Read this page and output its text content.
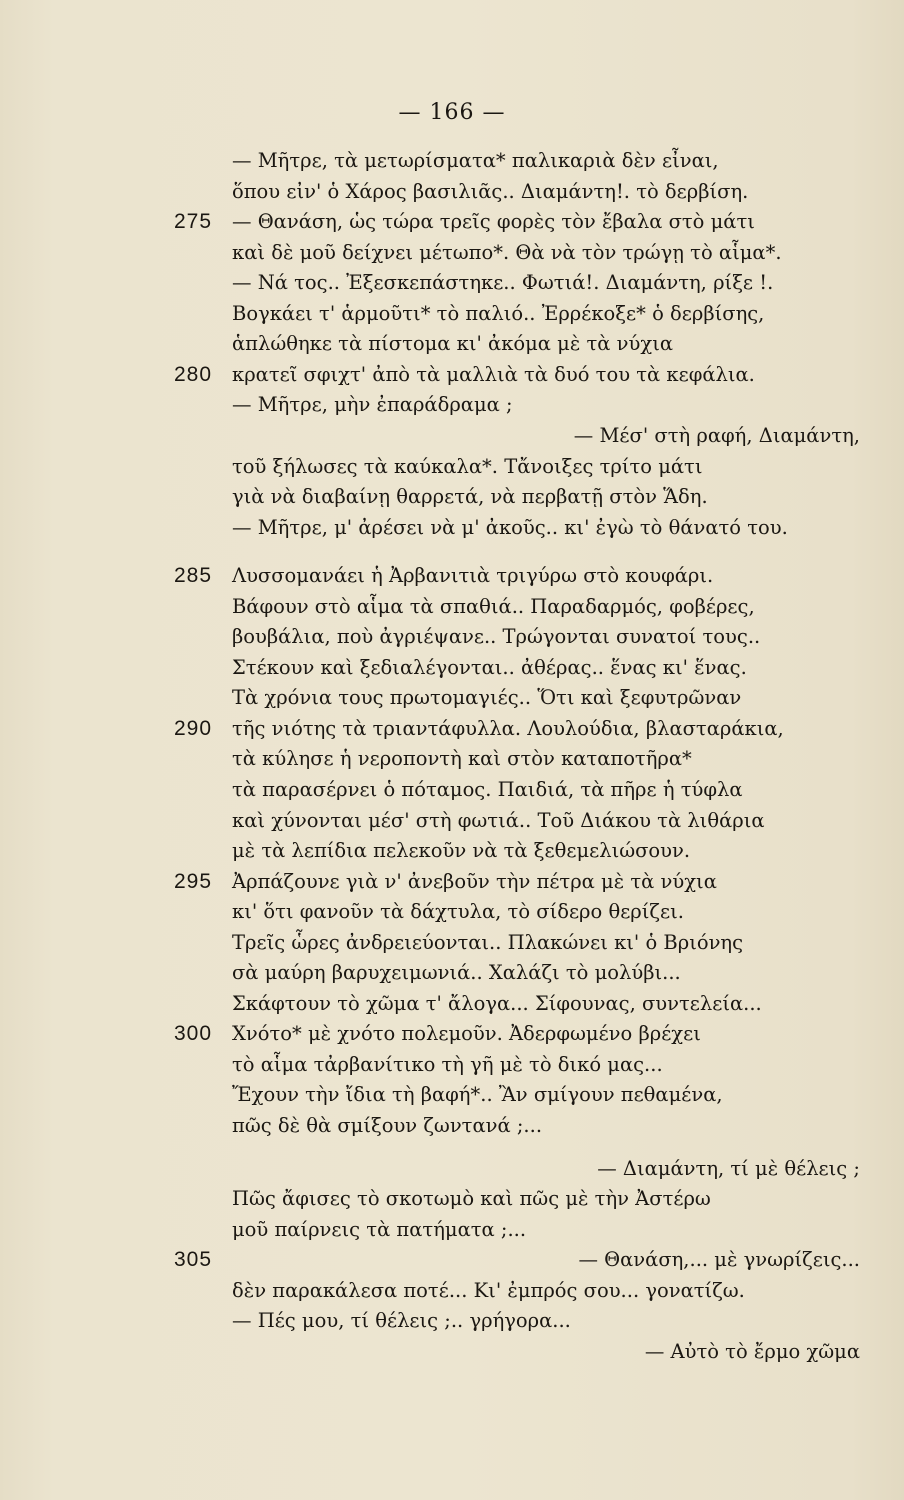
— 166 —
— Μῆτρε, τὰ μετωρίσματα* παλικαριὰ δὲν εἶναι,
ὅπου εἰν' ὁ Χάρος βασιλιᾶς.. Διαμάντη!. τὸ δερβίση.
275 — Θανάση, ὡς τώρα τρεῖς φορὲς τὸν ἔβαλα στὸ μάτι
καὶ δὲ μοῦ δείχνει μέτωπο*. Θὰ νὰ τὸν τρώγῃ τὸ αἷμα*.
— Νά τος.. Ἐξεσκεπάστηκε.. Φωτιά!. Διαμάντη, ρίξε !.
Βογκάει τ' ἁρμοῦτι* τὸ παλιό.. Ἐρρέκοξε* ὁ δερβίσης,
ἁπλώθηκε τὰ πίστομα κι' ἀκόμα μὲ τὰ νύχια
280 κρατεῖ σφιχτ' ἀπὸ τὰ μαλλιὰ τὰ δυό του τὰ κεφάλια.
— Μῆτρε, μὴν ἐπαράδραμα ;
— Μέσ' στὴ ραφή, Διαμάντη,
τοῦ ξήλωσες τὰ καύκαλα*. Τἄνοιξες τρίτο μάτι
γιὰ νὰ διαβαίνῃ θαρρετά, νὰ περβατῇ στὸν Ἅδη.
— Μῆτρε, μ' ἀρέσει νὰ μ' ἀκοῦς.. κι' ἐγὼ τὸ θάνατό του.
285 Λυσσομανάει ἡ Ἀρβανιτιὰ τριγύρω στὸ κουφάρι.
Βάφουν στὸ αἷμα τὰ σπαθιά.. Παραδαρμός, φοβέρες,
βουβάλια, ποὺ ἀγριέψανε.. Τρώγονται συνατοί τους..
Στέκουν καὶ ξεδιαλέγονται.. ἀθέρας.. ἕνας κι' ἕνας.
Τὰ χρόνια τους πρωτομαγιές.. Ὅτι καὶ ξεφυτρῶναν
290 τῆς νιότης τὰ τριαντάφυλλα. Λουλούδια, βλασταράκια,
τὰ κύλησε ἡ νεροποντὴ καὶ στὸν καταποτῆρα*
τὰ παρασέρνει ὁ πόταμος. Παιδιά, τὰ πῆρε ἡ τύφλα
καὶ χύνονται μέσ' στὴ φωτιά.. Τοῦ Διάκου τὰ λιθάρια
μὲ τὰ λεπίδια πελεκοῦν νὰ τὰ ξεθεμελιώσουν.
295 Ἀρπάζουνε γιὰ ν' ἀνεβοῦν τὴν πέτρα μὲ τὰ νύχια
κι' ὅτι φανοῦν τὰ δάχτυλα, τὸ σίδερο θερίζει.
Τρεῖς ὧρες ἀνδρειεύονται.. Πλακώνει κι' ὁ Βριόνης
σὰ μαύρη βαρυχειμωνιά.. Χαλάζι τὸ μολύβι...
Σκάφτουν τὸ χῶμα τ' ἄλογα... Σίφουνας, συντελεία...
300 Χνότο* μὲ χνότο πολεμοῦν. Ἀδερφωμένο βρέχει
τὸ αἷμα τἀρβανίτικο τὴ γῆ μὲ τὸ δικό μας...
Ἔχουν τὴν ἴδια τὴ βαφή*.. Ἂν σμίγουν πεθαμένα,
πῶς δὲ θὰ σμίξουν ζωντανά ;...
— Διαμάντη, τί μὲ θέλεις ;
Πῶς ἄφισες τὸ σκοτωμὸ καὶ πῶς μὲ τὴν Ἀστέρω
μοῦ παίρνεις τὰ πατήματα ;...
305	— Θανάση,... μὲ γνωρίζεις...
δὲν παρακάλεσα ποτέ... Κι' ἐμπρός σου... γονατίζω.
— Πές μου, τί θέλεις ;.. γρήγορα...
— Αὐτὸ τὸ ἔρμο χῶμα
